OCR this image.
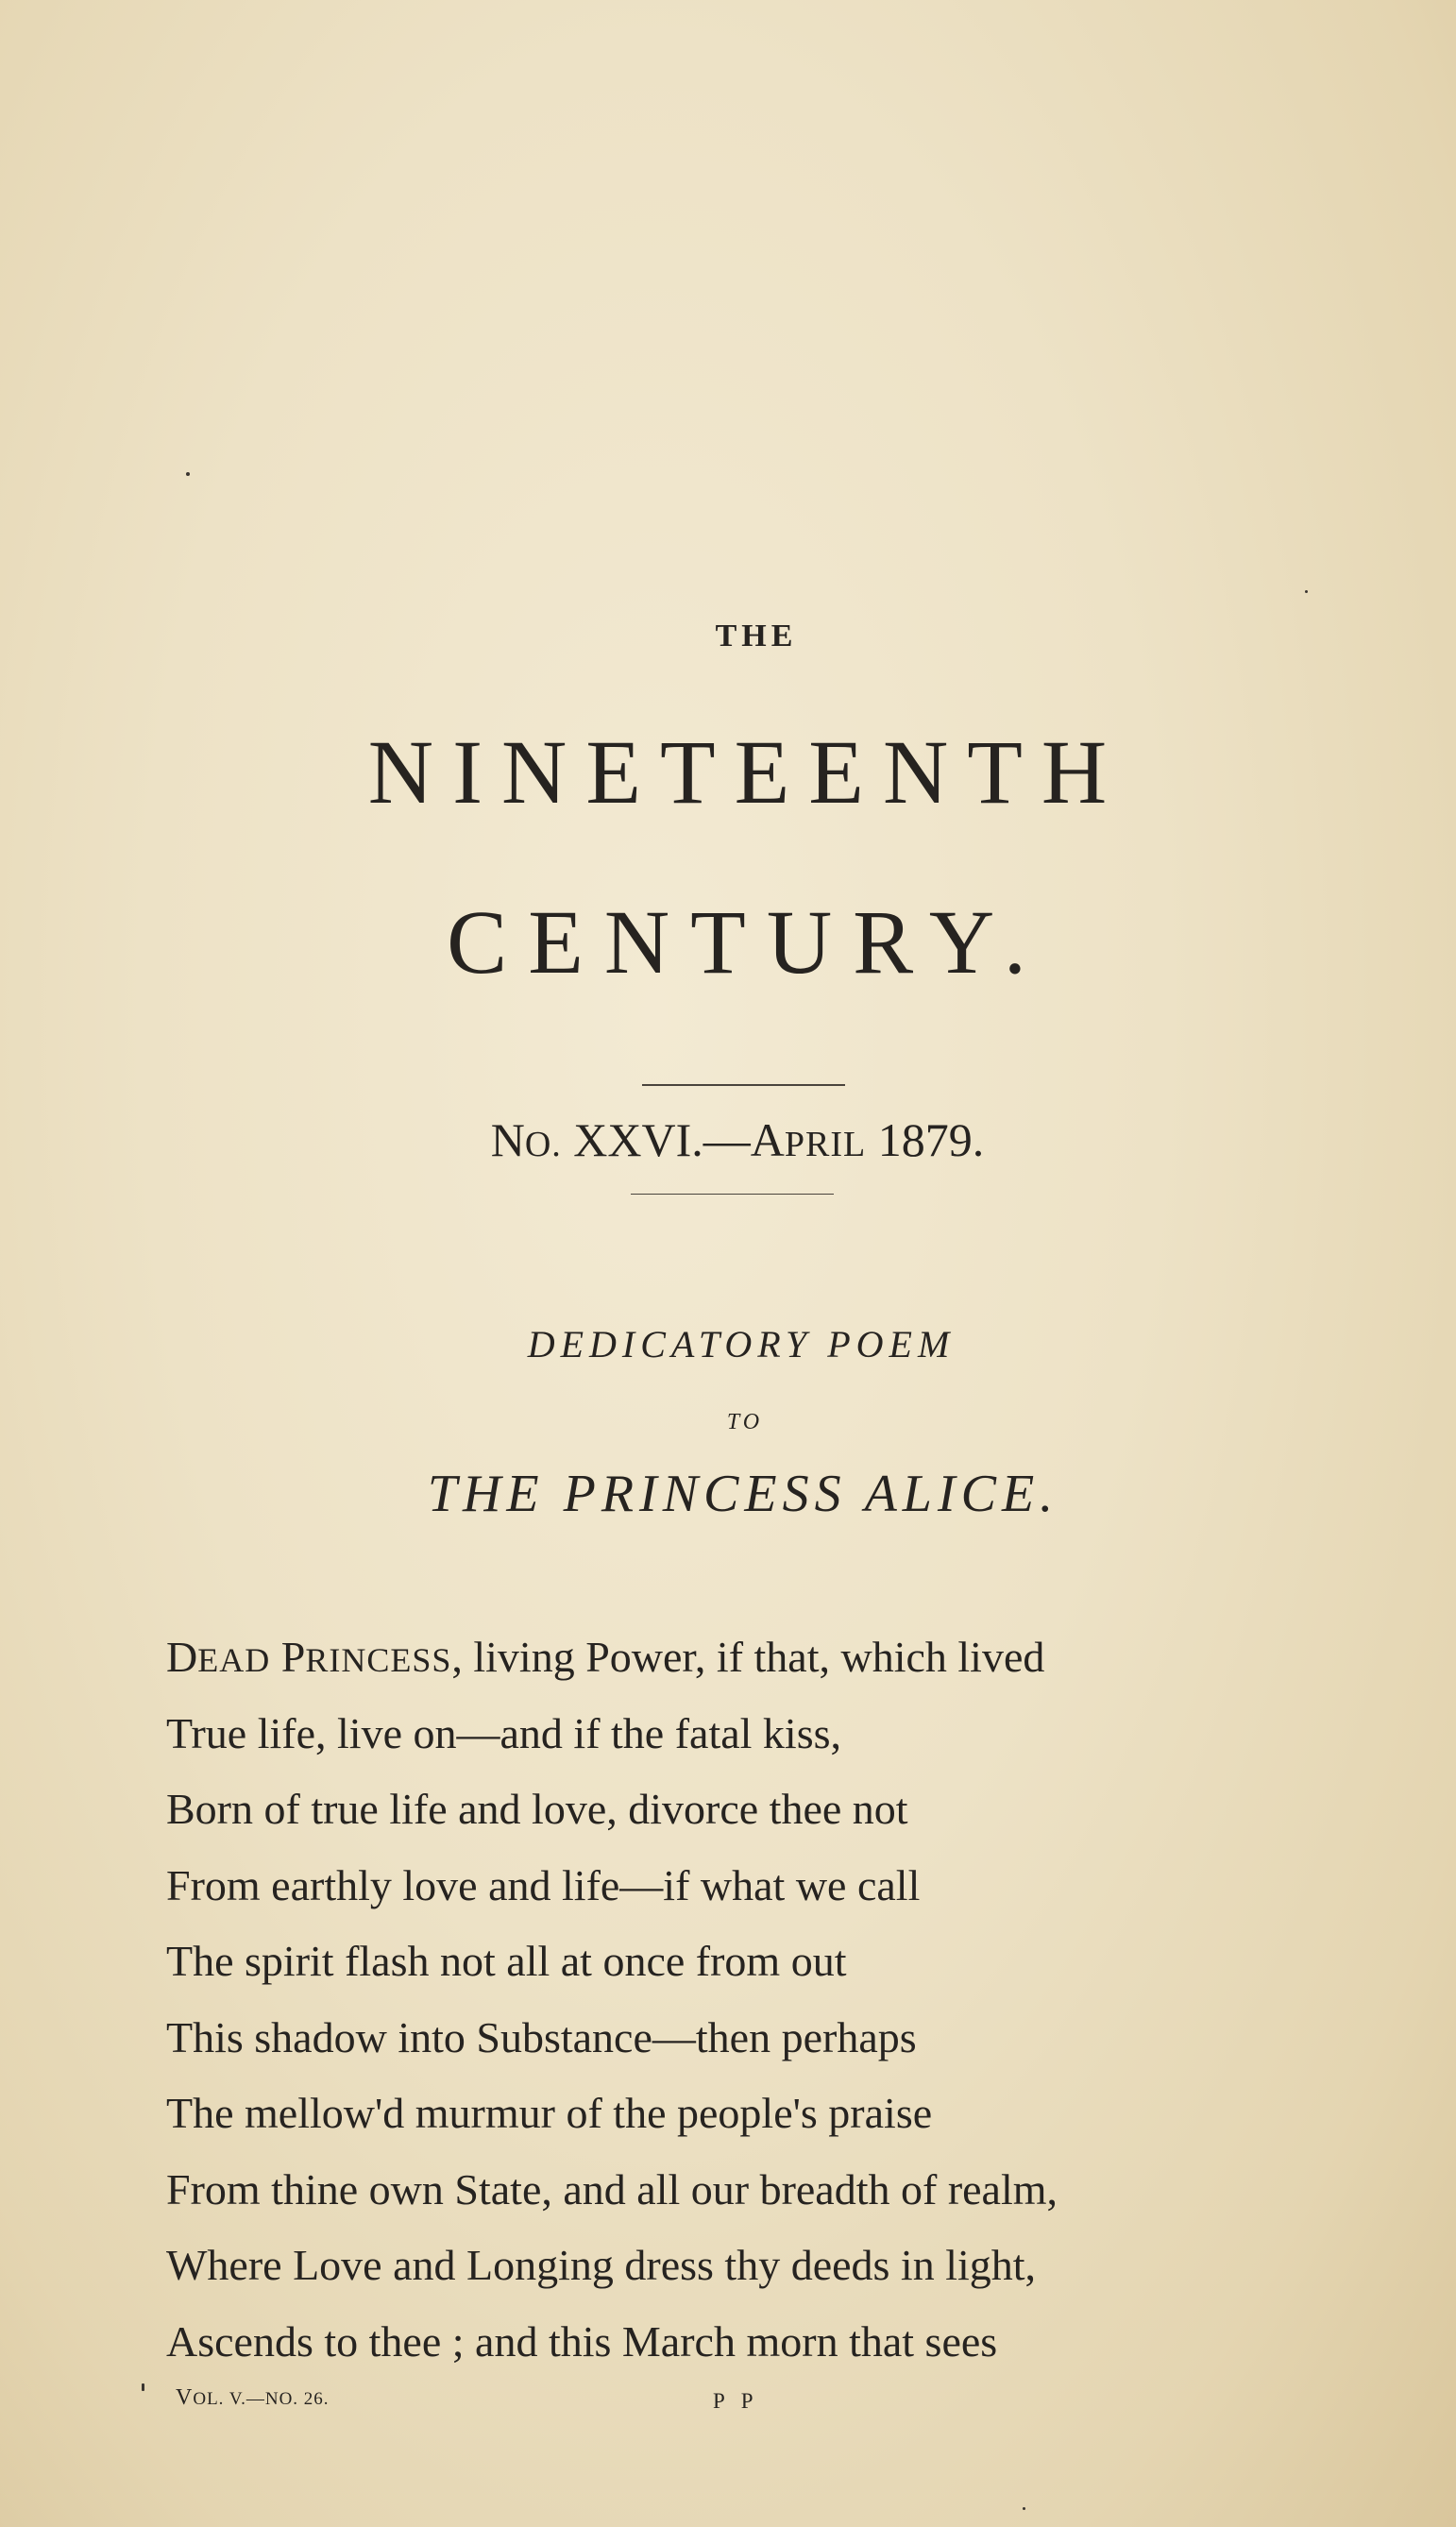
THE
NINETEENTH
CENTURY.
NO. XXVI.—APRIL 1879.
DEDICATORY POEM
TO
THE PRINCESS ALICE.
DEAD PRINCESS, living Power, if that, which lived
True life, live on—and if the fatal kiss,
Born of true life and love, divorce thee not
From earthly love and life—if what we call
The spirit flash not all at once from out
This shadow into Substance—then perhaps
The mellow'd murmur of the people's praise
From thine own State, and all our breadth of realm,
Where Love and Longing dress thy deeds in light,
Ascends to thee ; and this March morn that sees
VOL. V.—NO. 26.	P P
